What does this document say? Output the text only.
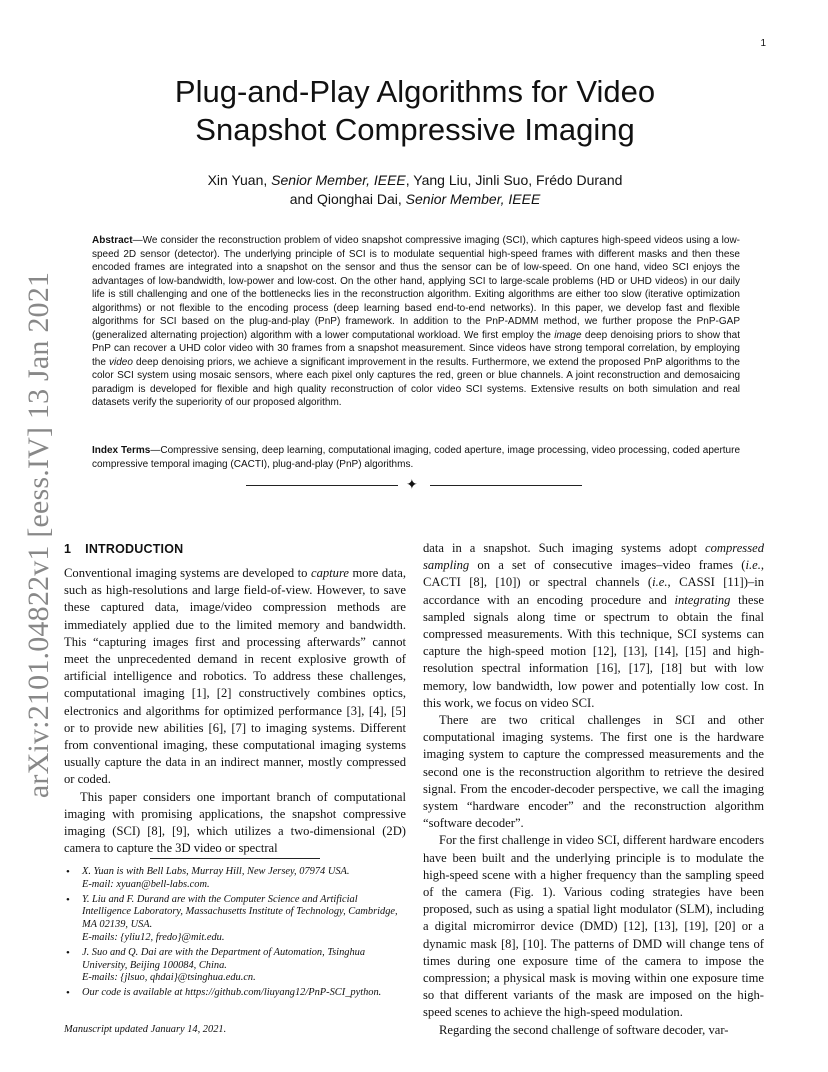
1
arXiv:2101.04822v1 [eess.IV] 13 Jan 2021
Plug-and-Play Algorithms for Video
Snapshot Compressive Imaging
Xin Yuan, Senior Member, IEEE, Yang Liu, Jinli Suo, Frédo Durand
and Qionghai Dai, Senior Member, IEEE
Abstract—We consider the reconstruction problem of video snapshot compressive imaging (SCI), which captures high-speed videos using a low-speed 2D sensor (detector). The underlying principle of SCI is to modulate sequential high-speed frames with different masks and then these encoded frames are integrated into a snapshot on the sensor and thus the sensor can be of low-speed. On one hand, video SCI enjoys the advantages of low-bandwidth, low-power and low-cost. On the other hand, applying SCI to large-scale problems (HD or UHD videos) in our daily life is still challenging and one of the bottlenecks lies in the reconstruction algorithm. Exiting algorithms are either too slow (iterative optimization algorithms) or not flexible to the encoding process (deep learning based end-to-end networks). In this paper, we develop fast and flexible algorithms for SCI based on the plug-and-play (PnP) framework. In addition to the PnP-ADMM method, we further propose the PnP-GAP (generalized alternating projection) algorithm with a lower computational workload. We first employ the image deep denoising priors to show that PnP can recover a UHD color video with 30 frames from a snapshot measurement. Since videos have strong temporal correlation, by employing the video deep denoising priors, we achieve a significant improvement in the results. Furthermore, we extend the proposed PnP algorithms to the color SCI system using mosaic sensors, where each pixel only captures the red, green or blue channels. A joint reconstruction and demosaicing paradigm is developed for flexible and high quality reconstruction of color video SCI systems. Extensive results on both simulation and real datasets verify the superiority of our proposed algorithm.
Index Terms—Compressive sensing, deep learning, computational imaging, coded aperture, image processing, video processing, coded aperture compressive temporal imaging (CACTI), plug-and-play (PnP) algorithms.
✦
1 INTRODUCTION

Conventional imaging systems are developed to capture more data, such as high-resolutions and large field-of-view. However, to save these captured data, image/video compression methods are immediately applied due to the limited memory and bandwidth. This “capturing images first and processing afterwards” cannot meet the unprecedented demand in recent explosive growth of artificial intelligence and robotics. To address these challenges, computational imaging [1], [2] constructively combines optics, electronics and algorithms for optimized performance [3], [4], [5] or to provide new abilities [6], [7] to imaging systems. Different from conventional imaging, these computational imaging systems usually capture the data in an indirect manner, mostly compressed or coded.

This paper considers one important branch of computational imaging with promising applications, the snapshot compressive imaging (SCI) [8], [9], which utilizes a two-dimensional (2D) camera to capture the 3D video or spectral

data in a snapshot. Such imaging systems adopt compressed sampling on a set of consecutive images–video frames (i.e., CACTI [8], [10]) or spectral channels (i.e., CASSI [11])–in accordance with an encoding procedure and integrating these sampled signals along time or spectrum to obtain the final compressed measurements. With this technique, SCI systems can capture the high-speed motion [12], [13], [14], [15] and high-resolution spectral information [16], [17], [18] but with low memory, low bandwidth, low power and potentially low cost. In this work, we focus on video SCI.

There are two critical challenges in SCI and other computational imaging systems. The first one is the hardware imaging system to capture the compressed measurements and the second one is the reconstruction algorithm to retrieve the desired signal. From the encoder-decoder perspective, we call the imaging system “hardware encoder” and the reconstruction algorithm “software decoder”.

For the first challenge in video SCI, different hardware encoders have been built and the underlying principle is to modulate the high-speed scene with a higher frequency than the sampling speed of the camera (Fig. 1). Various coding strategies have been proposed, such as using a spatial light modulator (SLM), including a digital micromirror device (DMD) [12], [13], [19], [20] or a dynamic mask [8], [10]. The patterns of DMD will change tens of times during one exposure time of the camera to impose the compression; a physical mask is moving within one exposure time so that different variants of the mask are imposed on the high-speed scenes to achieve the high-speed modulation.

Regarding the second challenge of software decoder, var-

• X. Yuan is with Bell Labs, Murray Hill, New Jersey, 07974 USA.
E-mail: xyuan@bell-labs.com.
• Y. Liu and F. Durand are with the Computer Science and Artificial Intelligence Laboratory, Massachusetts Institute of Technology, Cambridge, MA 02139, USA.
E-mails: {yliu12, fredo}@mit.edu.
• J. Suo and Q. Dai are with the Department of Automation, Tsinghua University, Beijing 100084, China.
E-mails: {jlsuo, qhdai}@tsinghua.edu.cn.
• Our code is available at https://github.com/liuyang12/PnP-SCI_python.
Manuscript updated January 14, 2021.
